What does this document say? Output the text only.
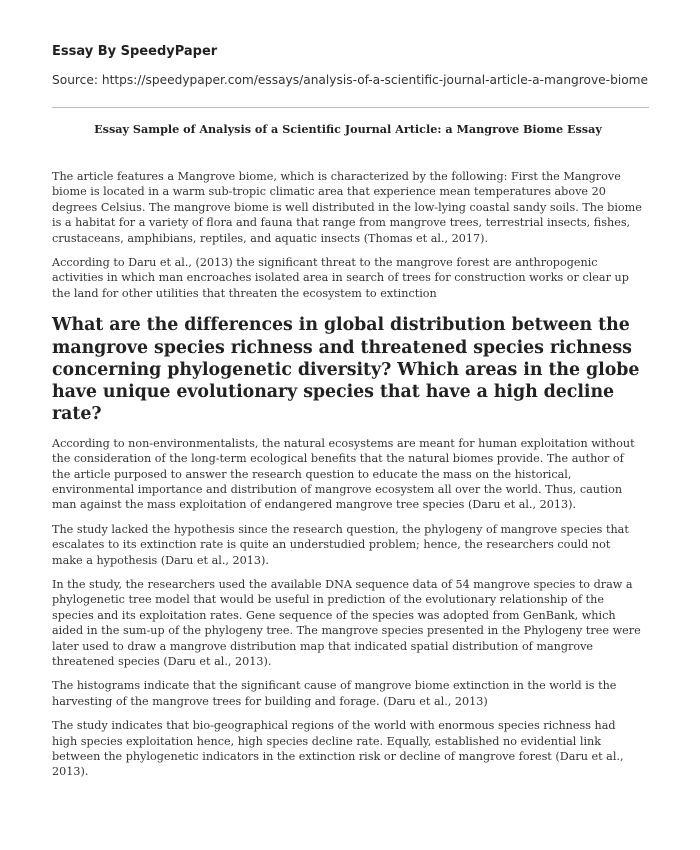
Essay By SpeedyPaper
Source: https://speedypaper.com/essays/analysis-of-a-scientific-journal-article-a-mangrove-biome
Essay Sample of Analysis of a Scientific Journal Article: a Mangrove Biome Essay

The article features a Mangrove biome, which is characterized by the following: First the Mangrove biome is located in a warm sub-tropic climatic area that experience mean temperatures above 20 degrees Celsius. The mangrove biome is well distributed in the low-lying coastal sandy soils. The biome is a habitat for a variety of flora and fauna that range from mangrove trees, terrestrial insects, fishes, crustaceans, amphibians, reptiles, and aquatic insects (Thomas et al., 2017).

According to Daru et al., (2013) the significant threat to the mangrove forest are anthropogenic activities in which man encroaches isolated area in search of trees for construction works or clear up the land for other utilities that threaten the ecosystem to extinction

What are the differences in global distribution between the mangrove species richness and threatened species richness concerning phylogenetic diversity? Which areas in the globe have unique evolutionary species that have a high decline rate?

According to non-environmentalists, the natural ecosystems are meant for human exploitation without the consideration of the long-term ecological benefits that the natural biomes provide. The author of the article purposed to answer the research question to educate the mass on the historical, environmental importance and distribution of mangrove ecosystem all over the world. Thus, caution man against the mass exploitation of endangered mangrove tree species (Daru et al., 2013).

The study lacked the hypothesis since the research question, the phylogeny of mangrove species that escalates to its extinction rate is quite an understudied problem; hence, the researchers could not make a hypothesis (Daru et al., 2013).

In the study, the researchers used the available DNA sequence data of 54 mangrove species to draw a phylogenetic tree model that would be useful in prediction of the evolutionary relationship of the species and its exploitation rates. Gene sequence of the species was adopted from GenBank, which aided in the sum-up of the phylogeny tree. The mangrove species presented in the Phylogeny tree were later used to draw a mangrove distribution map that indicated spatial distribution of mangrove threatened species (Daru et al., 2013).

The histograms indicate that the significant cause of mangrove biome extinction in the world is the harvesting of the mangrove trees for building and forage. (Daru et al., 2013)

The study indicates that bio-geographical regions of the world with enormous species richness had high species exploitation hence, high species decline rate. Equally, established no evidential link between the phylogenetic indicators in the extinction risk or decline of mangrove forest (Daru et al., 2013).
